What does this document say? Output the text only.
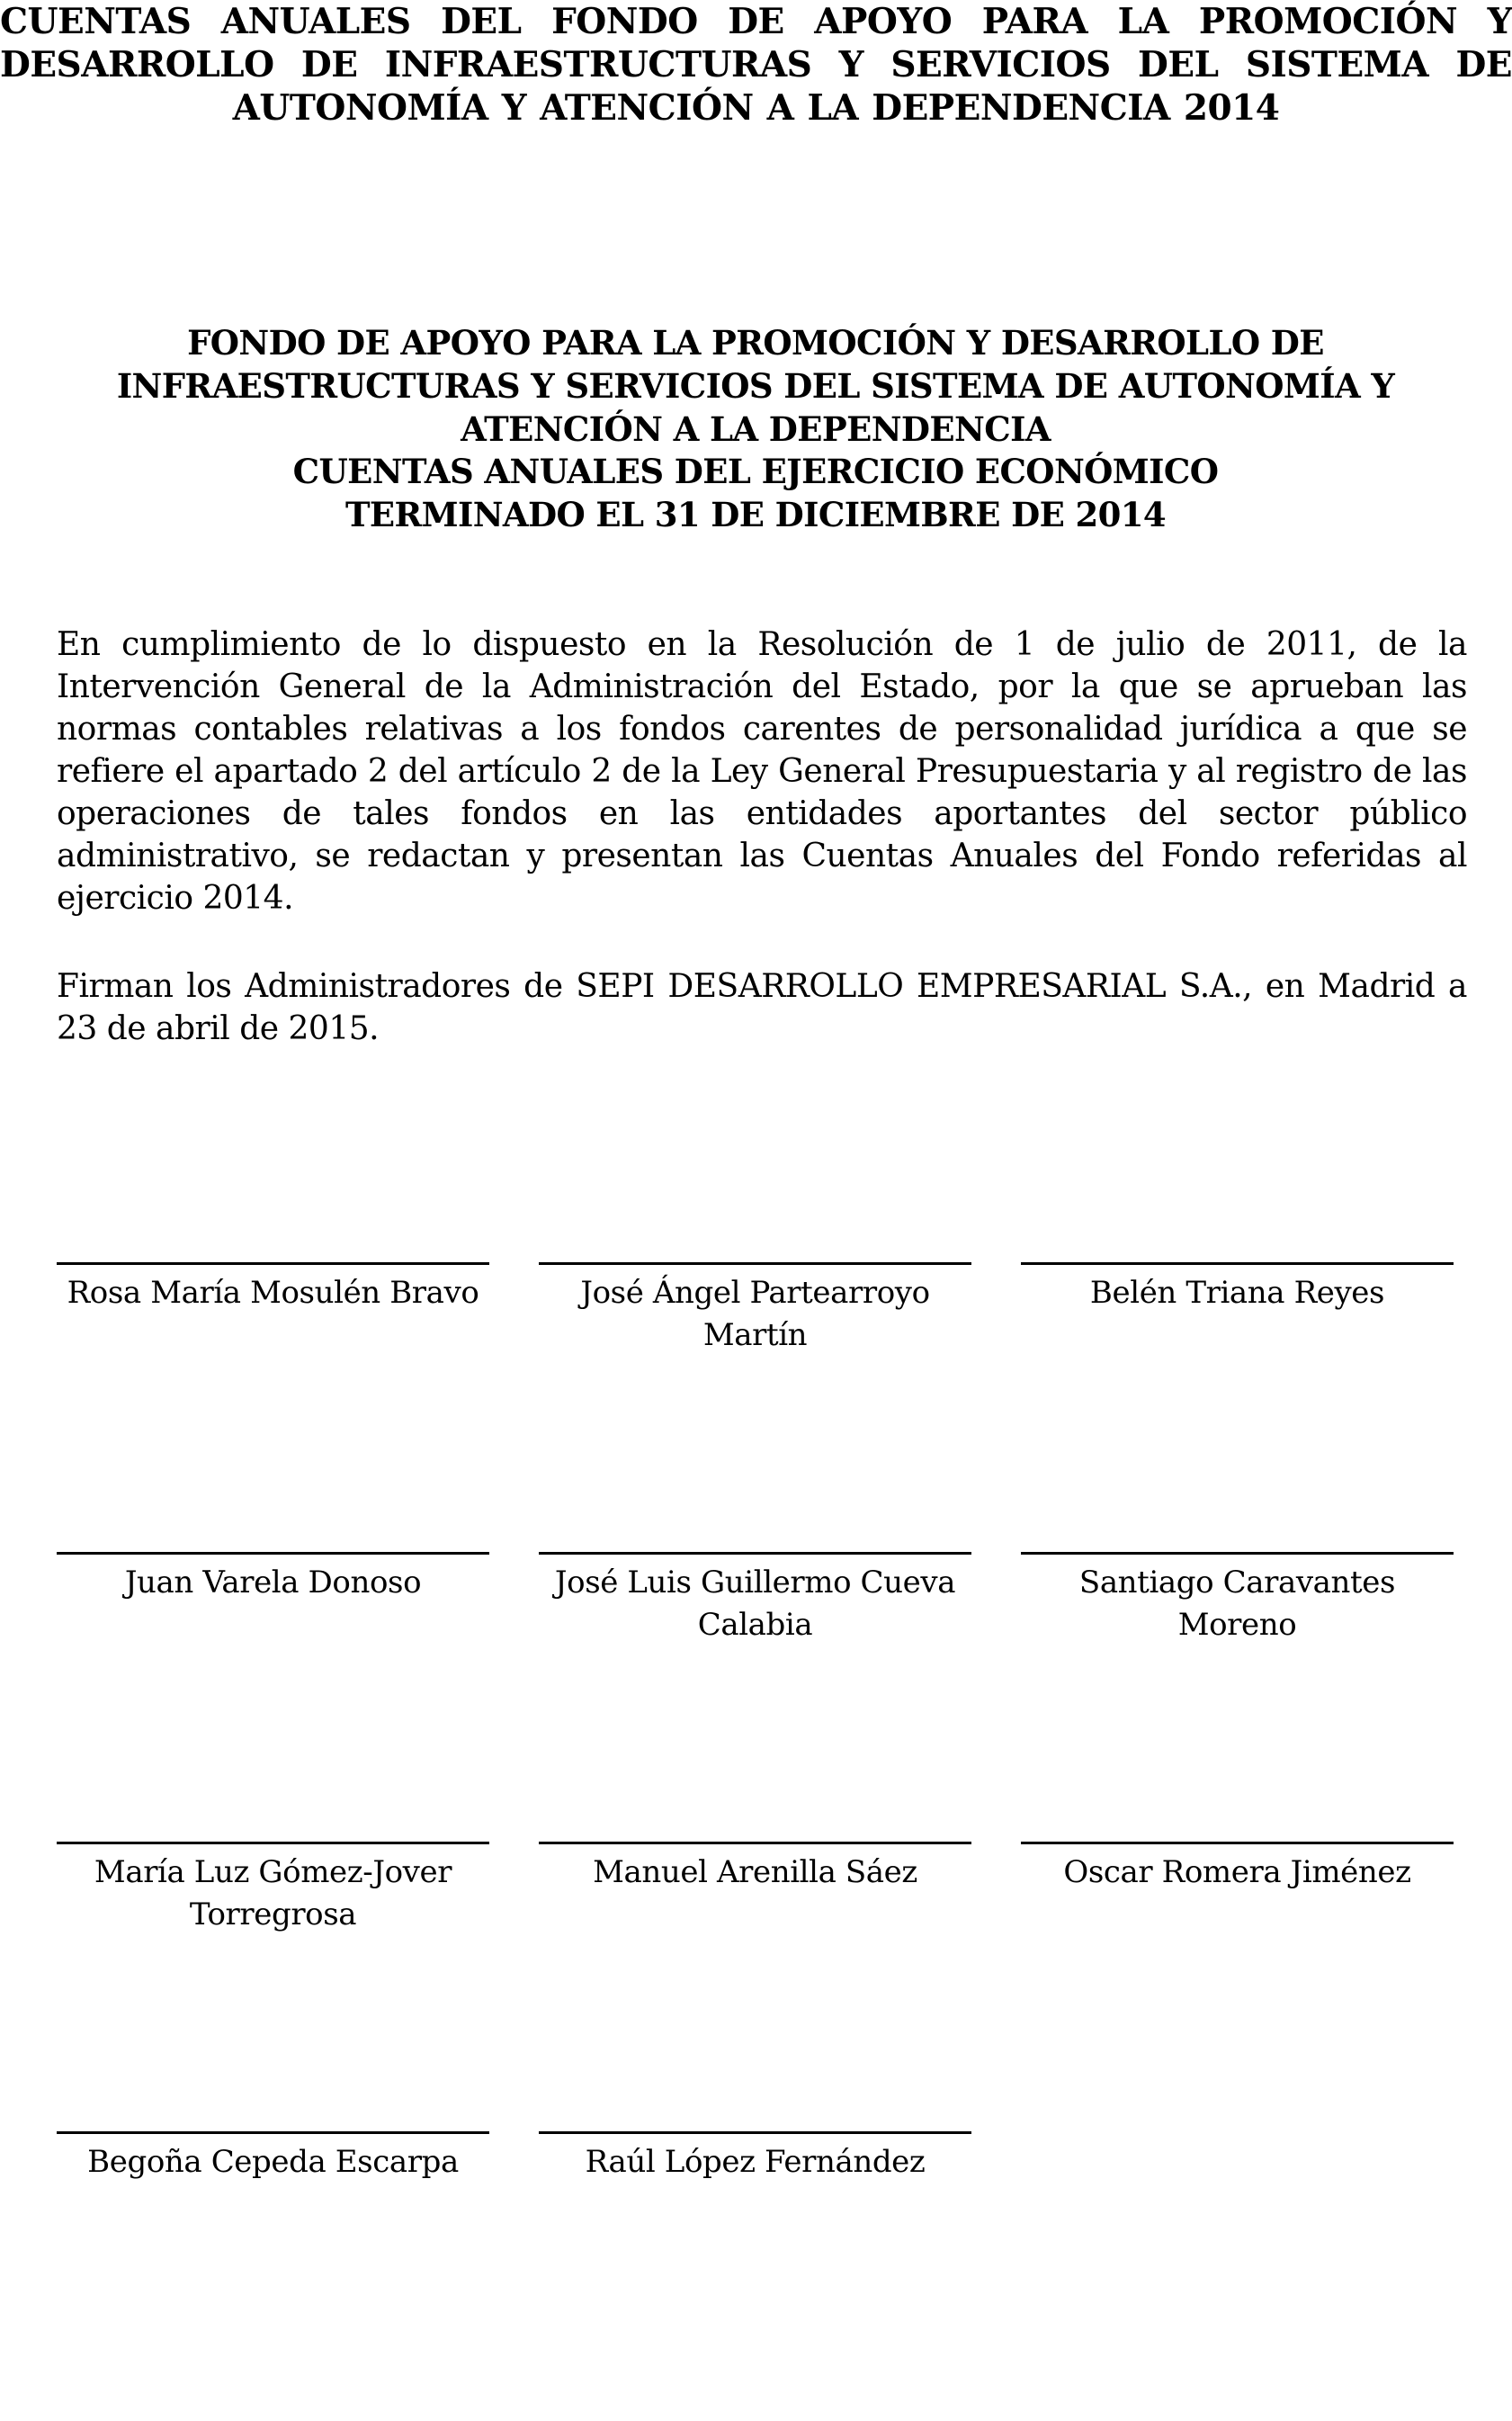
CUENTAS ANUALES DEL FONDO DE APOYO PARA LA PROMOCIÓN Y DESARROLLO DE INFRAESTRUCTURAS Y SERVICIOS DEL SISTEMA DE AUTONOMÍA Y ATENCIÓN A LA DEPENDENCIA 2014
FONDO DE APOYO PARA LA PROMOCIÓN Y DESARROLLO DE INFRAESTRUCTURAS Y SERVICIOS DEL SISTEMA DE AUTONOMÍA Y ATENCIÓN A LA DEPENDENCIA
CUENTAS ANUALES DEL EJERCICIO ECONÓMICO
TERMINADO EL 31 DE DICIEMBRE DE 2014

En cumplimiento de lo dispuesto en la Resolución de 1 de julio de 2011, de la Intervención General de la Administración del Estado, por la que se aprueban las normas contables relativas a los fondos carentes de personalidad jurídica a que se refiere el apartado 2 del artículo 2 de la Ley General Presupuestaria y al registro de las operaciones de tales fondos en las entidades aportantes del sector público administrativo, se redactan y presentan las Cuentas Anuales del Fondo referidas al ejercicio 2014.

Firman los Administradores de SEPI DESARROLLO EMPRESARIAL S.A., en Madrid a 23 de abril de 2015.

Rosa María Mosulén Bravo	José Ángel Partearroyo Martín

Belén Triana Reyes

Juan Varela Donoso	José Luis Guillermo Cueva Calabia

Santiago Caravantes Moreno

María Luz Gómez-Jover Torregrosa

Manuel Arenilla Sáez	Oscar Romera Jiménez

Begoña Cepeda Escarpa	Raúl López Fernández
